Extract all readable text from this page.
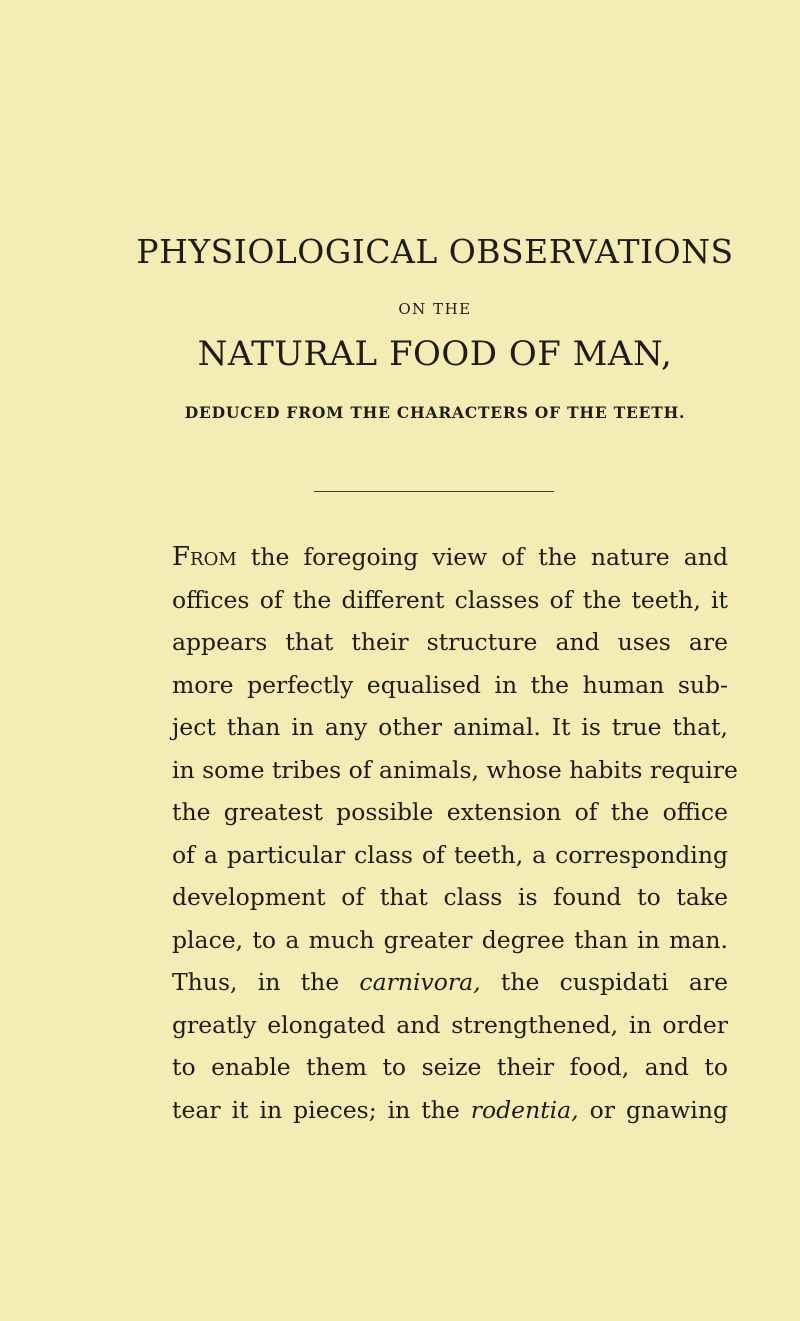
PHYSIOLOGICAL OBSERVATIONS
ON THE
NATURAL FOOD OF MAN,
DEDUCED FROM THE CHARACTERS OF THE TEETH.
From the foregoing view of the nature and
offices of the different classes of the teeth, it
appears that their structure and uses are
more perfectly equalised in the human sub-
ject than in any other animal. It is true that,
in some tribes of animals, whose habits require
the greatest possible extension of the office
of a particular class of teeth, a corresponding
development of that class is found to take
place, to a much greater degree than in man.
Thus, in the carnivora, the cuspidati are
greatly elongated and strengthened, in order
to enable them to seize their food, and to
tear it in pieces; in the rodentia, or gnawing
